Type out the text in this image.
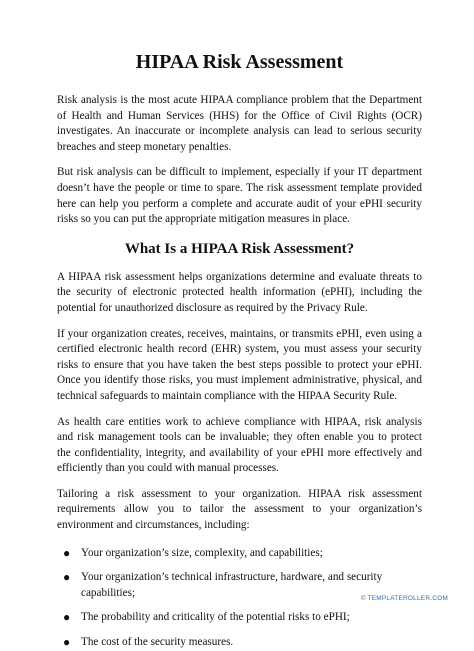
HIPAA Risk Assessment

Risk analysis is the most acute HIPAA compliance problem that the Department of Health and Human Services (HHS) for the Office of Civil Rights (OCR) investigates. An inaccurate or incomplete analysis can lead to serious security breaches and steep monetary penalties.

But risk analysis can be difficult to implement, especially if your IT department doesn’t have the people or time to spare. The risk assessment template provided here can help you perform a complete and accurate audit of your ePHI security risks so you can put the appropriate mitigation measures in place.

What Is a HIPAA Risk Assessment?

A HIPAA risk assessment helps organizations determine and evaluate threats to the security of electronic protected health information (ePHI), including the potential for unauthorized disclosure as required by the Privacy Rule.

If your organization creates, receives, maintains, or transmits ePHI, even using a certified electronic health record (EHR) system, you must assess your security risks to ensure that you have taken the best steps possible to protect your ePHI. Once you identify those risks, you must implement administrative, physical, and technical safeguards to maintain compliance with the HIPAA Security Rule.

As health care entities work to achieve compliance with HIPAA, risk analysis and risk management tools can be invaluable; they often enable you to protect the confidentiality, integrity, and availability of your ePHI more effectively and efficiently than you could with manual processes.

Tailoring a risk assessment to your organization. HIPAA risk assessment requirements allow you to tailor the assessment to your organization’s environment and circumstances, including:

● Your organization’s size, complexity, and capabilities;
● Your organization’s technical infrastructure, hardware, and security capabilities;
● The probability and criticality of the potential risks to ePHI;
● The cost of the security measures.
© TEMPLATEROLLER.COM
